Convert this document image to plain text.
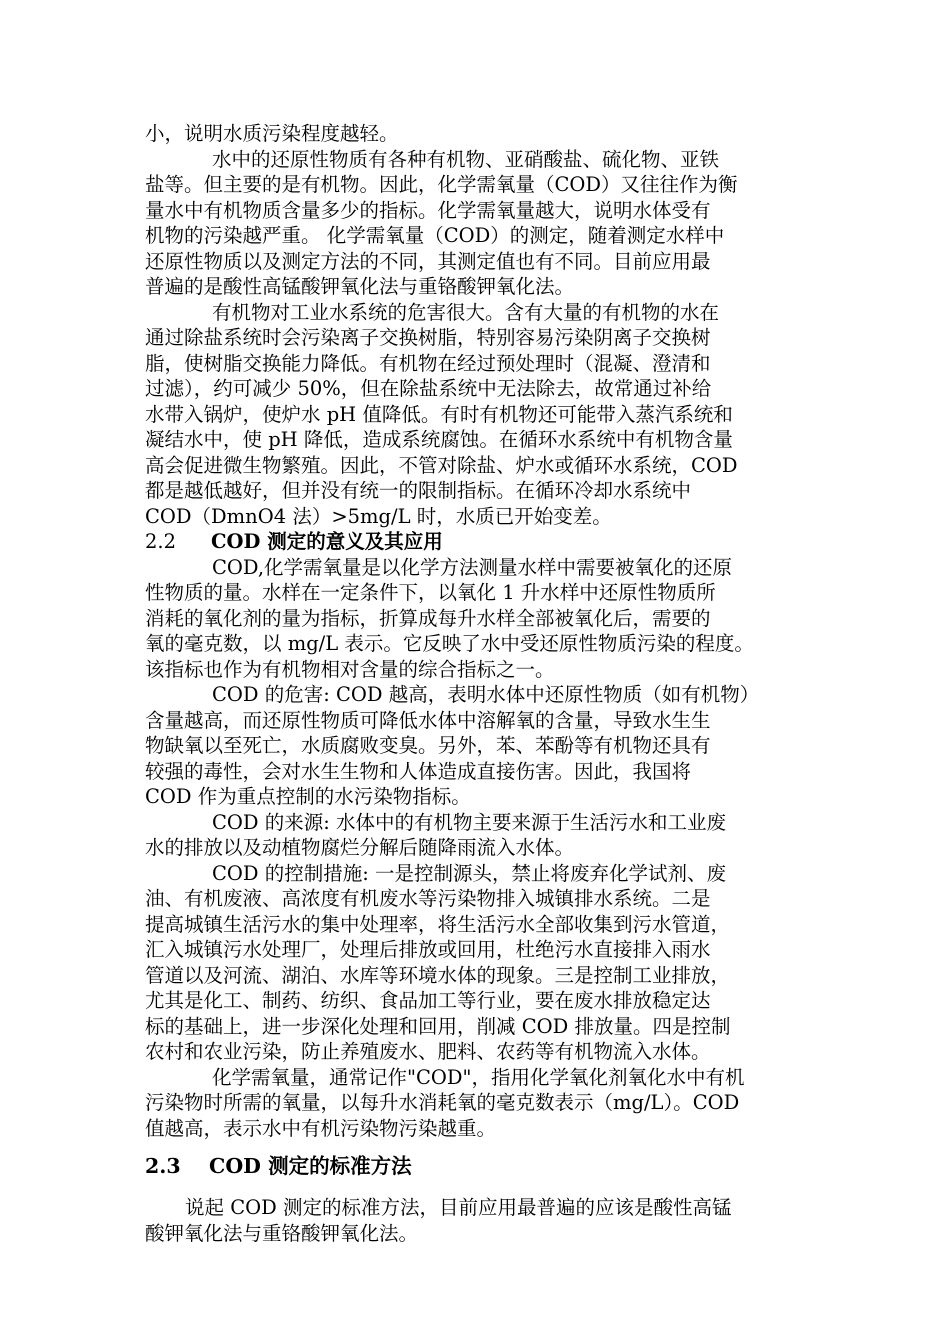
小，说明水质污染程度越轻。
水中的还原性物质有各种有机物、亚硝酸盐、硫化物、亚铁
盐等。但主要的是有机物。因此，化学需氧量（COD）又往往作为衡
量水中有机物质含量多少的指标。化学需氧量越大，说明水体受有
机物的污染越严重。 化学需氧量（COD）的测定，随着测定水样中
还原性物质以及测定方法的不同，其测定值也有不同。目前应用最
普遍的是酸性高锰酸钾氧化法与重铬酸钾氧化法。
有机物对工业水系统的危害很大。含有大量的有机物的水在
通过除盐系统时会污染离子交换树脂，特别容易污染阴离子交换树
脂，使树脂交换能力降低。有机物在经过预处理时（混凝、澄清和
过滤），约可减少 50%，但在除盐系统中无法除去，故常通过补给
水带入锅炉，使炉水 pH 值降低。有时有机物还可能带入蒸汽系统和
凝结水中，使 pH 降低，造成系统腐蚀。在循环水系统中有机物含量
高会促进微生物繁殖。因此，不管对除盐、炉水或循环水系统，COD
都是越低越好，但并没有统一的限制指标。在循环冷却水系统中
COD（DmnO4 法）>5mg/L 时，水质已开始变差。
2.2 COD 测定的意义及其应用
COD,化学需氧量是以化学方法测量水样中需要被氧化的还原
性物质的量。水样在一定条件下，以氧化 1 升水样中还原性物质所
消耗的氧化剂的量为指标，折算成每升水样全部被氧化后，需要的
氧的毫克数，以 mg/L 表示。它反映了水中受还原性物质污染的程度。
该指标也作为有机物相对含量的综合指标之一。
COD 的危害: COD 越高，表明水体中还原性物质（如有机物）
含量越高，而还原性物质可降低水体中溶解氧的含量，导致水生生
物缺氧以至死亡，水质腐败变臭。另外，苯、苯酚等有机物还具有
较强的毒性，会对水生生物和人体造成直接伤害。因此，我国将
COD 作为重点控制的水污染物指标。
COD 的来源: 水体中的有机物主要来源于生活污水和工业废
水的排放以及动植物腐烂分解后随降雨流入水体。
COD 的控制措施: 一是控制源头，禁止将废弃化学试剂、废
油、有机废液、高浓度有机废水等污染物排入城镇排水系统。二是
提高城镇生活污水的集中处理率，将生活污水全部收集到污水管道，
汇入城镇污水处理厂，处理后排放或回用，杜绝污水直接排入雨水
管道以及河流、湖泊、水库等环境水体的现象。三是控制工业排放，
尤其是化工、制药、纺织、食品加工等行业，要在废水排放稳定达
标的基础上，进一步深化处理和回用，削减 COD 排放量。四是控制
农村和农业污染，防止养殖废水、肥料、农药等有机物流入水体。
化学需氧量，通常记作"COD"，指用化学氧化剂氧化水中有机
污染物时所需的氧量，以每升水消耗氧的毫克数表示（mg/L）。COD
值越高，表示水中有机污染物污染越重。
2.3 COD 测定的标准方法
说起 COD 测定的标准方法，目前应用最普遍的应该是酸性高锰
酸钾氧化法与重铬酸钾氧化法。
